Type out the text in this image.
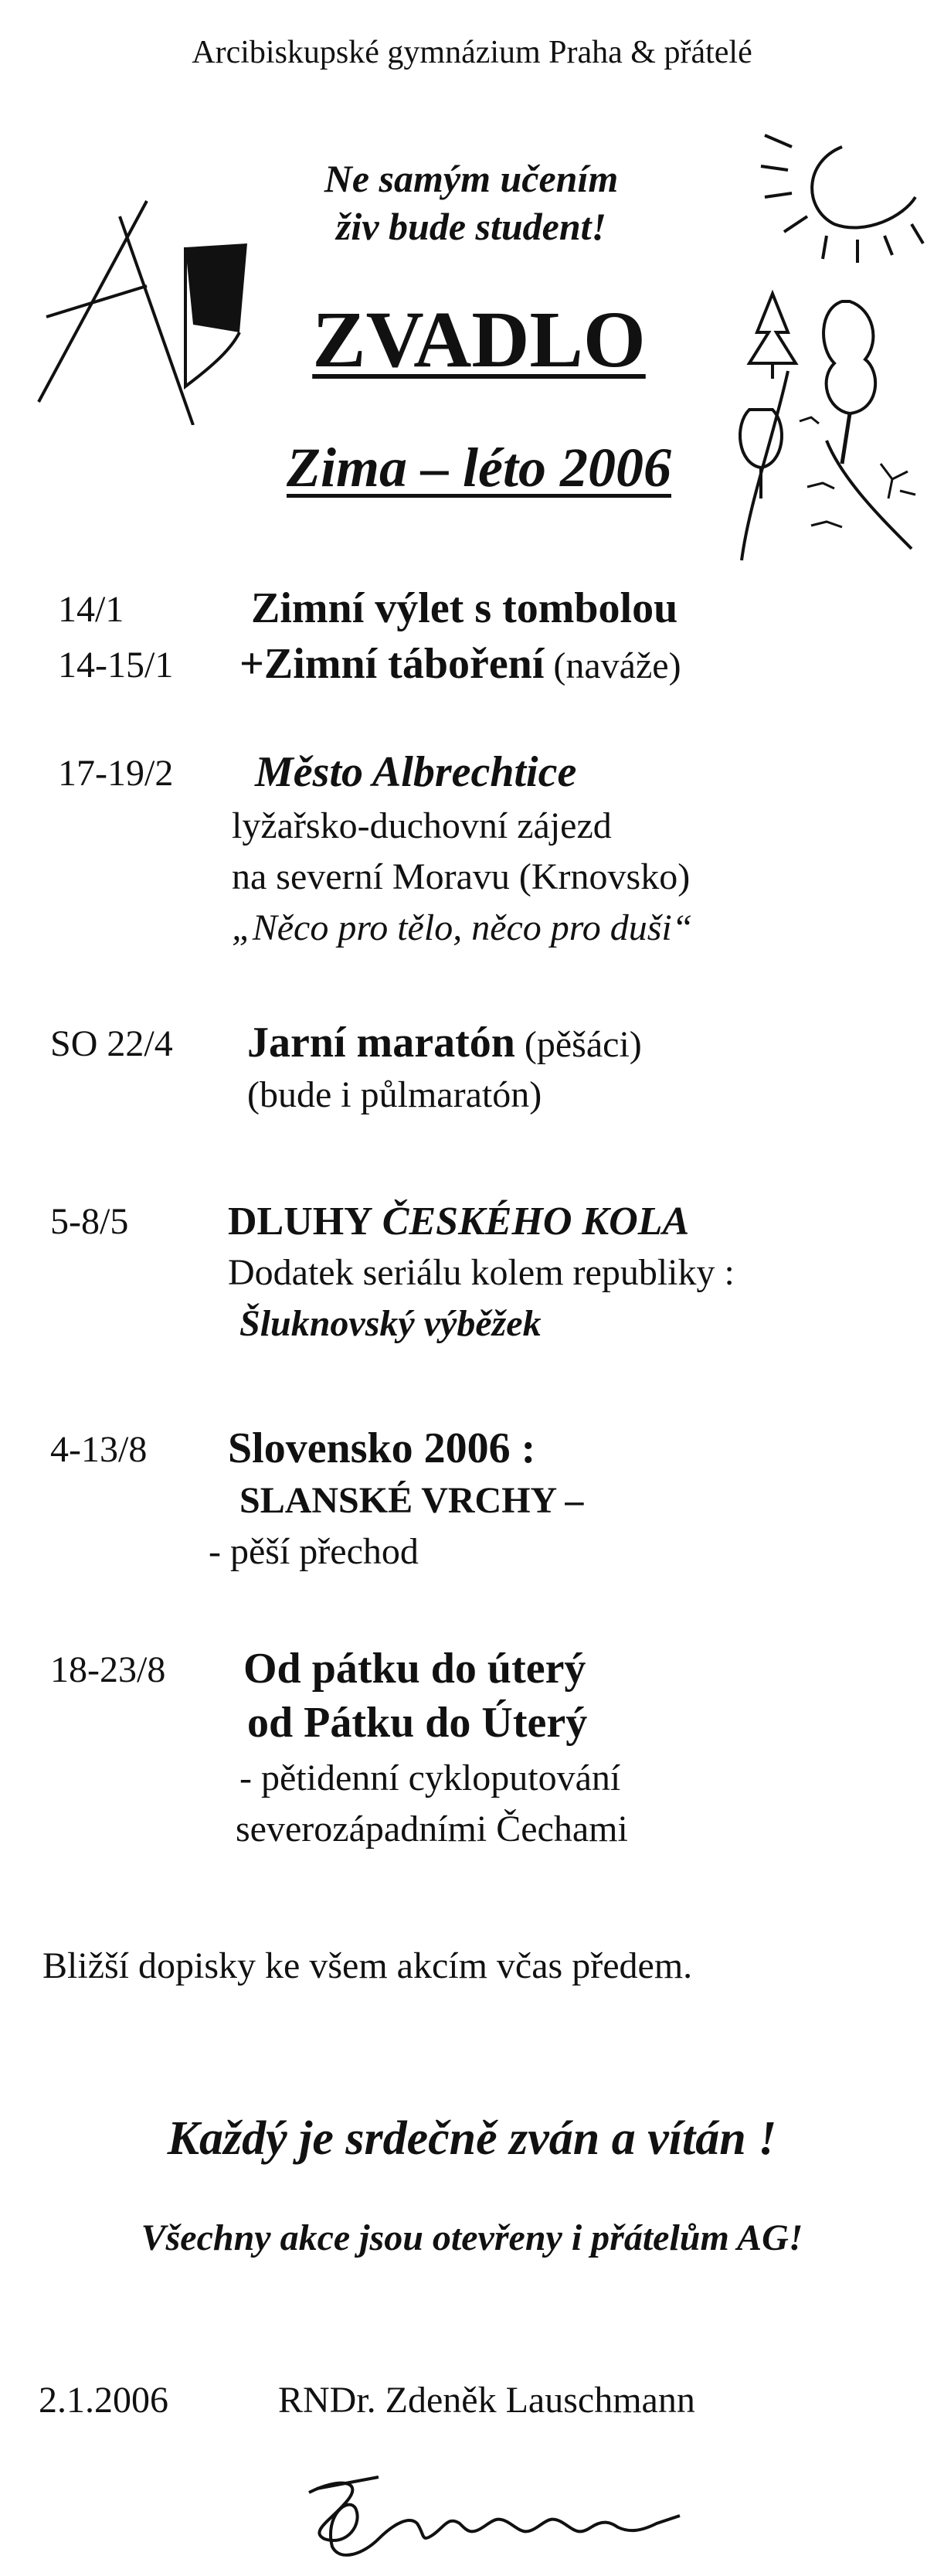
Arcibiskupské gymnázium Praha & přátelé
Ne samým učením
živ bude student!
ZVADLO
Zima – léto 2006
14/1	Zimní výlet s tombolou
14-15/1 +Zimní táboření (naváže)
17-19/2 Město Albrechtice
lyžařsko-duchovní zájezd
na severní Moravu (Krnovsko)
„Něco pro tělo, něco pro duši“
SO 22/4 Jarní maratón (pěšáci)
(bude i půlmaratón)
5-8/5 DLUHY ČESKÉHO KOLA
Dodatek seriálu kolem republiky :
Šluknovský výběžek
4-13/8 Slovensko 2006 :
SLANSKÉ VRCHY –
- pěší přechod
18-23/8 Od pátku do úterý
od Pátku do Úterý
- pětidenní cykloputování
severozápadními Čechami
Bližší dopisky ke všem akcím včas předem.
Každý je srdečně zván a vítán !
Všechny akce jsou otevřeny i přátelům AG!
2.1.2006	RNDr. Zdeněk Lauschmann
